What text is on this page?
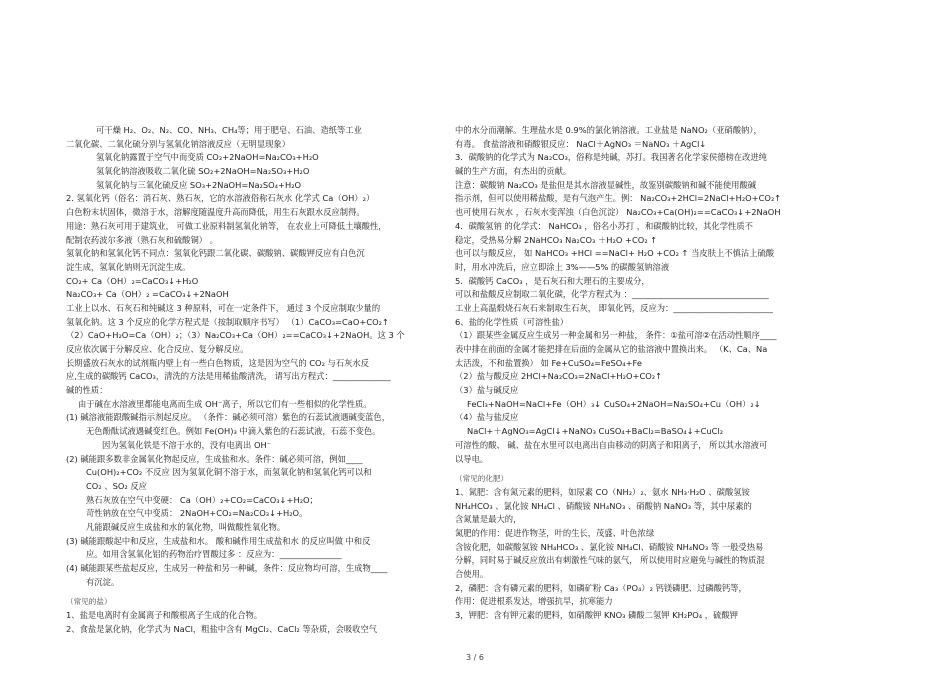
可干燥 H₂、O₂、N₂、CO、NH₃、CH₄等；用于肥皂、石油、造纸等工业
二氧化碳、二氧化硫分别与氢氧化钠溶液反应（无明显现象）
氢氧化钠露置于空气中而变质 CO₂+2NaOH=Na₂CO₃+H₂O
氢氧化钠溶液吸收二氧化硫 SO₂+2NaOH=Na₂SO₃+H₂O
氢氧化钠与三氧化硫反应 SO₃+2NaOH=Na₂SO₄+H₂O
2. 氢氧化钙（俗名：消石灰、熟石灰，它的水溶液俗称石灰水 化学式 Ca（OH）₂）
白色粉末状固体，微溶于水，溶解度随温度升高而降低，用生石灰跟水反应制得。
用途：熟石灰可用于建筑业， 可做工业原料制氢氧化钠等， 在农业上可降低土壤酸性，
配制农药波尔多液（熟石灰和硫酸铜） 。
氢氧化钠和氢氧化钙不同点：氢氧化钙跟二氧化碳、碳酸钠、碳酸钾反应有白色沉
淀生成，氢氧化钠则无沉淀生成。
CO₂+ Ca（OH）₂=CaCO₃↓+H₂O
Na₂CO₃+ Ca（OH）₂ =CaCO₃↓+2NaOH
工业上以水、石灰石和纯碱这 3 种原料，可在一定条件下， 通过 3 个反应制取少量的
氢氧化钠。这 3 个反应的化学方程式是（按制取顺序书写） （1）CaCO₃=CaO+CO₂↑
（2）CaO+H₂O=Ca（OH）₂；（3）Na₂CO₃+Ca（OH）₂==CaCO₃↓+2NaOH。这 3 个
反应依次属于分解反应、化合反应、复分解反应。
长期盛放石灰水的试剂瓶内壁上有一些白色物质，这是因为空气的 CO₂ 与石灰水反
应,生成的碳酸钙 CaCO₃，清洗的方法是用稀盐酸清洗， 请写出方程式：______________
碱的性质：
由于碱在水溶液里都能电离而生成 OH⁻离子，所以它们有一些相似的化学性质。
(1) 碱溶液能跟酸碱指示剂起反应。 （条件：碱必须可溶）紫色的石蕊试液遇碱变蓝色，
无色酚酞试液遇碱变红色。例如 Fe(OH)₃ 中滴入紫色的石蕊试液，石蕊不变色。
因为氢氧化铁是不溶于水的，没有电离出 OH⁻
(2) 碱能跟多数非金属氧化物起反应，生成盐和水。条件：碱必须可溶，例如____
Cu(OH)₂+CO₂ 不反应 因为氢氧化铜不溶于水，而氢氧化钠和氢氧化钙可以和
CO₂ 、SO₂ 反应
熟石灰放在空气中变硬： Ca（OH）₂+CO₂=CaCO₃↓+H₂O；
苛性钠放在空气中变质： 2NaOH+CO₂=Na₂CO₃↓+H₂O。
凡能跟碱反应生成盐和水的氧化物，叫做酸性氧化物。
(3) 碱能跟酸起中和反应，生成盐和水。 酸和碱作用生成盐和水 的反应叫做 中和反
应。如用含氢氧化铝的药物治疗胃酸过多 ：反应为：_______________
(4) 碱能跟某些盐起反应，生成另一种盐和另一种碱，条件：反应物均可溶，生成物____
有沉淀。
（常见的盐）
1、盐是电离时有金属离子和酸根离子生成的化合物。
2、食盐是氯化钠，化学式为 NaCl，粗盐中含有 MgCl₂、CaCl₂ 等杂质，会吸收空气
中的水分而潮解。生理盐水是 0.9%的氯化钠溶液。工业盐是 NaNO₂（亚硝酸钠），
有毒。 食盐溶液和硝酸银反应： NaCl＋AgNO₃ ＝NaNO₃ ＋AgCl↓
3．碳酸钠的化学式为 Na₂CO₃，俗称是纯碱，苏打。我国著名化学家侯德榜在改进纯
碱的生产方面，有杰出的贡献。
注意：碳酸钠 Na₂CO₃ 是盐但是其水溶液显碱性，故鉴别碳酸钠和碱不能使用酸碱
指示剂，但可以使用稀盐酸，是有气泡产生。例： Na₂CO₃+2HCl=2NaCl+H₂O+CO₂↑
也可使用石灰水 ，石灰水变浑浊（白色沉淀） Na₂CO₃+Ca(OH)₂==CaCO₃↓+2NaOH
4．碳酸氢钠 的化学式： NaHCO₃ ，俗名小苏打 ，和碳酸钠比较，其化学性质不
稳定，受热易分解 2NaHCO₃ Na₂CO₃ ＋H₂O +CO₂ ↑
也可以与酸反应， 如 NaHCO₃ +HCl ==NaCl+ H₂O +CO₂ ↑ 当皮肤上不慎沾上硫酸
时，用水冲洗后，应立即涂上 3%——5% 的碳酸氢钠溶液
5．碳酸钙 CaCO₃ ，是石灰石和大理石的主要成分，
可以和盐酸反应制取二氧化碳，化学方程式为 ：_________________________________
工业上高温煅烧石灰石来制取生石灰， 即氧化钙，反应为：________________________
6、盐的化学性质（可溶性盐）
（1）跟某些金属反应生成另一种金属和另一种盐， 条件：①盐可溶②在活动性顺序____
表中排在前面的金属才能把排在后面的金属从它的盐溶液中置换出来。 （K、Ca、Na
太活泼，不和盐置换） 如 Fe+CuSO₄=FeSO₄+Fe
（2）盐与酸反应 2HCl+Na₂CO₃=2NaCl+H₂O+CO₂↑
（3）盐与碱反应
FeCl₃+NaOH=NaCl+Fe（OH）₃↓ CuSO₄+2NaOH=Na₂SO₄+Cu（OH）₂↓
（4）盐与盐反应
NaCl+＋AgNO₃=AgCl↓+NaNO₃ CuSO₄+BaCl₂=BaSO₄↓+CuCl₂
可溶性的酸、 碱、盐在水里可以电离出自由移动的阴离子和阳离子， 所以其水溶液可
以导电。
（常见的化肥）
1、氮肥：含有氮元素的肥料，如尿素 CO（NH₂）₂、氨水 NH₃·H₂O 、碳酸氢铵
NH₄HCO₃ 、氯化铵 NH₄Cl 、硝酸铵 NH₄NO₃ 、硝酸钠 NaNO₃ 等，其中尿素的
含氮量是最大的，
氮肥的作用：促进作物茎，叶的生长，茂盛、叶色浓绿
含铵化肥，如碳酸氢铵 NH₄HCO₃ 、氯化铵 NH₄Cl、硝酸铵 NH₄NO₃ 等 一般受热易
分解，同时易于碱反应放出有刺激性气味的氨气， 所以使用时应避免与碱性的物质混
合使用。
2，磷肥：含有磷元素的肥料，如磷矿粉 Ca₃（PO₄）₂ 钙镁磷肥、过磷酸钙等，
作用：促进根系发达，增强抗旱，抗寒能力
3，钾肥：含有钾元素的肥料，如硝酸钾 KNO₃ 磷酸二氢钾 KH₂PO₄ ，硫酸钾
3 / 6
